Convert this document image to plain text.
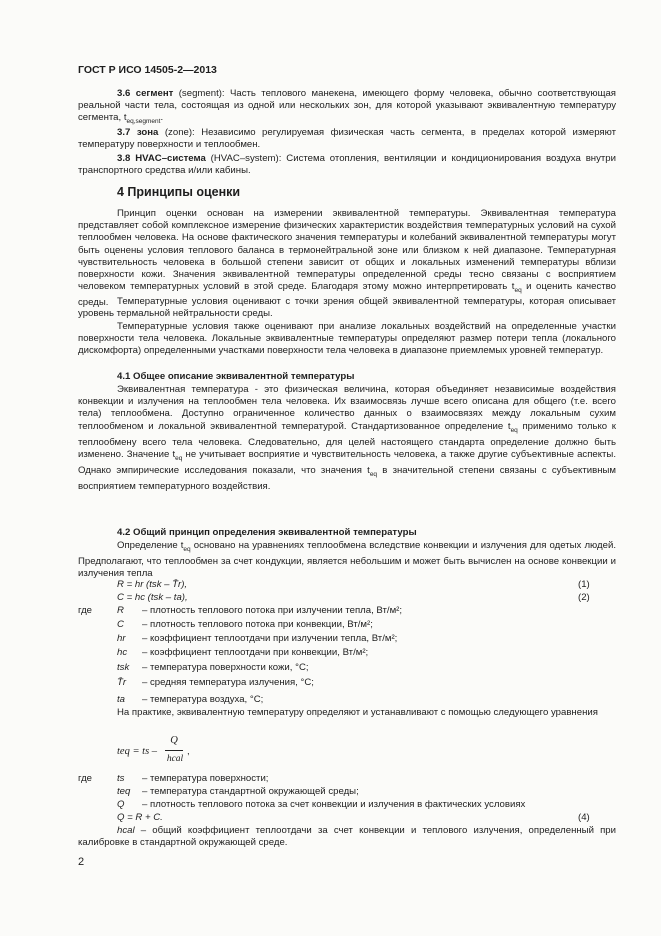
ГОСТ Р ИСО 14505-2—2013
3.6 сегмент (segment): Часть теплового манекена, имеющего форму человека, обычно соответствующая реальной части тела, состоящая из одной или нескольких зон, для которой указывают эквивалентную температуру сегмента, $t_{eq,segment}$.
3.7 зона (zone): Независимо регулируемая физическая часть сегмента, в пределах которой измеряют температуру поверхности и теплообмен.
3.8 HVAC–система (HVAC–system): Система отопления, вентиляции и кондиционирования воздуха внутри транспортного средства и/или кабины.
4 Принципы оценки
Принцип оценки основан на измерении эквивалентной температуры. Эквивалентная температура представляет собой комплексное измерение физических характеристик воздействия температурных условий на сухой теплообмен человека. На основе фактического значения температуры и колебаний эквивалентной температуры могут быть оценены условия теплового баланса в термонейтральной зоне или близком к ней диапазоне. Температурная чувствительность человека в большой степени зависит от общих и локальных изменений температуры вблизи поверхности кожи. Значения эквивалентной температуры определенной среды тесно связаны с восприятием человеком температурных условий в этой среде. Благодаря этому можно интерпретировать $t_{eq}$ и оценить качество среды. Температурные условия оценивают с точки зрения общей эквивалентной температуры, которая описывает уровень термальной нейтральности среды.
Температурные условия также оценивают при анализе локальных воздействий на определенные участки поверхности тела человека. Локальные эквивалентные температуры определяют размер потери тепла (локального дискомфорта) определенными участками поверхности тела человека в диапазоне приемлемых уровней температур.
4.1 Общее описание эквивалентной температуры
Эквивалентная температура - это физическая величина, которая объединяет независимые воздействия конвекции и излучения на теплообмен тела человека. Их взаимосвязь лучше всего описана для общего (т.е. всего тела) теплообмена. Доступно ограниченное количество данных о взаимосвязях между локальным сухим теплообменом и локальной эквивалентной температурой. Стандартизованное определение $t_{eq}$ применимо только к теплообмену всего тела человека. Следовательно, для целей настоящего стандарта определение должно быть изменено. Значение $t_{eq}$ не учитывает восприятие и чувствительность человека, а также другие субъективные аспекты. Однако эмпирические исследования показали, что значения $t_{eq}$ в значительной степени связаны с субъективным восприятием температурного воздействия.
4.2 Общий принцип определения эквивалентной температуры
Определение $t_{eq}$ основано на уравнениях теплообмена вследствие конвекции и излучения для одетых людей. Предполагают, что теплообмен за счет кондукции, является небольшим и может быть вычислен на основе конвекции и излучения тепла
R = hr (tsk – T̄r),	(1)
C = hc (tsk – ta),	(2)
где	R – плотность теплового потока при излучении тепла, Вт/м²;
C – плотность теплового потока при конвекции, Вт/м²;
hr – коэффициент теплоотдачи при излучении тепла, Вт/м²;
hc – коэффициент теплоотдачи при конвекции, Вт/м²;
tsk – температура поверхности кожи, °C;
T̄r – средняя температура излучения, °C;
ta – температура воздуха, °C;
На практике, эквивалентную температуру определяют и устанавливают с помощью следующего уравнения
teq = ts –
Q
hcal
,
где	ts – температура поверхности;
teq – температура стандартной окружающей среды;
Q – плотность теплового потока за счет конвекции и излучения в фактических условиях
Q = R + C.	(4)
hcal – общий коэффициент теплоотдачи за счет конвекции и теплового излучения, определенный при калибровке в стандартной окружающей среде.
2
